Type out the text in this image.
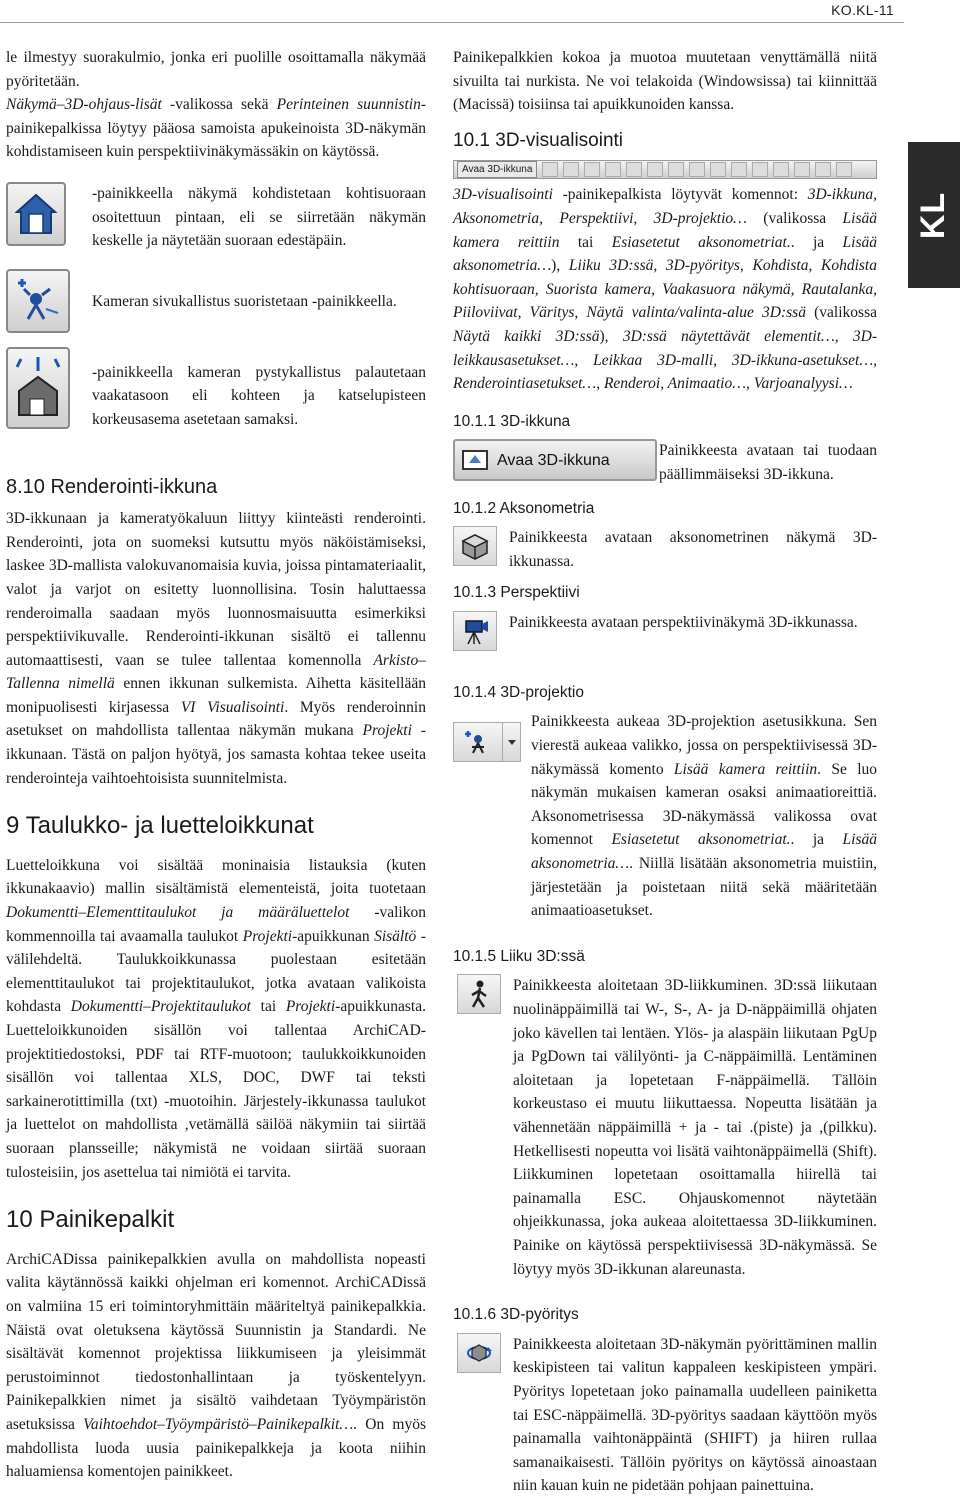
KO.KL-11
KL

le ilmestyy suorakulmio, jonka eri puolille osoittamalla näkymää pyöritetään.
Näkymä–3D-ohjaus-lisät -valikossa sekä Perinteinen suunnistin-painikepalkissa löytyy pääosa samoista apukeinoista 3D-näkymän kohdistamiseen kuin perspektiivinäkymässäkin on käytössä.

-painikkeella näkymä kohdistetaan kohtisuoraan osoitettuun pintaan, eli se siirretään näkymän keskelle ja näytetään suoraan edestäpäin.

Kameran sivukallistus suoristetaan -painikkeella.

-painikkeella kameran pystykallistus palautetaan vaakatasoon eli kohteen ja katselupisteen korkeusasema asetetaan samaksi.

8.10 Renderointi-ikkuna

3D-ikkunaan ja kameratyökaluun liittyy kiinteästi renderointi. Renderointi, jota on suomeksi kutsuttu myös näköistämiseksi, laskee 3D-mallista valokuvanomaisia kuvia, joissa pintamateriaalit, valot ja varjot on esitetty luonnollisina. Tosin haluttaessa renderoimalla saadaan myös luonnosmaisuutta esimerkiksi perspektiivikuvalle. Renderointi-ikkunan sisältö ei tallennu automaattisesti, vaan se tulee tallentaa komennolla Arkisto–Tallenna nimellä ennen ikkunan sulkemista. Aihetta käsitellään monipuolisesti kirjasessa VI Visualisointi. Myös renderoinnin asetukset on mahdollista tallentaa näkymän mukana Projekti -ikkunaan. Tästä on paljon hyötyä, jos samasta kohtaa tekee useita renderointeja vaihtoehtoisista suunnitelmista.

9 Taulukko- ja luetteloikkunat

Luetteloikkuna voi sisältää moninaisia listauksia (kuten ikkunakaavio) mallin sisältämistä elementeistä, joita tuotetaan Dokumentti–Elementtitaulukot ja määräluettelot -valikon kommennoilla tai avaamalla taulukot Projekti-apuikkunan Sisältö -välilehdeltä. Taulukkoikkunassa puolestaan esitetään elementtitaulukot tai projektitaulukot, jotka avataan valikoista kohdasta Dokumentti–Projektitaulukot tai Projekti-apuikkunasta. Luetteloikkunoiden sisällön voi tallentaa ArchiCAD-projektitiedostoksi, PDF tai RTF-muotoon; taulukkoikkunoiden sisällön voi tallentaa XLS, DOC, DWF tai teksti sarkainerotittimilla (txt) -muotoihin. Järjestely-ikkunassa taulukot ja luettelot on mahdollista ,vetämällä säilöä näkymiin tai siirtää suoraan plansseille; näkymistä ne voidaan siirtää suoraan tulosteisiin, jos asettelua tai nimiötä ei tarvita.

10 Painikepalkit

ArchiCADissa painikepalkkien avulla on mahdollista nopeasti valita käytännössä kaikki ohjelman eri komennot. ArchiCADissä on valmiina 15 eri toimintoryhmittäin määriteltyä painikepalkkia. Näistä ovat oletuksena käytössä Suunnistin ja Standardi. Ne sisältävät komennot projektissa liikkumiseen ja yleisimmät perustoiminnot tiedostonhallintaan ja työskentelyyn. Painikepalkkien nimet ja sisältö vaihdetaan Työympäristön asetuksissa Vaihtoehdot–Työympäristö–Painikepalkit…. On myös mahdollista luoda uusia painikepalkkeja ja koota niihin haluamiensa komentojen painikkeet.

Painikepalkkien kokoa ja muotoa muutetaan venyttämällä niitä sivuilta tai nurkista. Ne voi telakoida (Windowsissa) tai kiinnittää (Macissä) toisiinsa tai apuikkunoiden kanssa.

10.1 3D-visualisointi
Avaa 3D-ikkuna

3D-visualisointi -painikepalkista löytyvät komennot: 3D-ikkuna, Aksonometria, Perspektiivi, 3D-projektio… (valikossa Lisää kamera reittiin tai Esiasetetut aksonometriat.. ja Lisää aksonometria…), Liiku 3D:ssä, 3D-pyöritys, Kohdista, Kohdista kohtisuoraan, Suorista kamera, Vaakasuora näkymä, Rautalanka, Piiloviivat, Väritys, Näytä valinta/valinta-alue 3D:ssä (valikossa Näytä kaikki 3D:ssä), 3D:ssä näytettävät elementit…, 3D-leikkausasetukset…, Leikkaa 3D-malli, 3D-ikkuna-asetukset…, Renderointiasetukset…, Renderoi, Animaatio…, Varjoanalyysi…

10.1.1 3D-ikkuna
Avaa 3D-ikkuna

Painikkeesta avataan tai tuodaan päällimmäiseksi 3D-ikkuna.

10.1.2 Aksonometria

Painikkeesta avataan aksonometrinen näkymä 3D-ikkunassa.

10.1.3 Perspektiivi

Painikkeesta avataan perspektiivinäkymä 3D-ikkunassa.

10.1.4 3D-projektio

Painikkeesta aukeaa 3D-projektion asetusikkuna. Sen vierestä aukeaa valikko, jossa on perspektiivisessä 3D-näkymässä komento Lisää kamera reittiin. Se luo näkymän mukaisen kameran osaksi animaatioreittiä. Aksonometrisessa 3D-näkymässä valikossa ovat komennot Esiasetetut aksonometriat.. ja Lisää aksonometria…. Niillä lisätään aksonometria muistiin, järjestetään ja poistetaan niitä sekä määritetään animaatioasetukset.

10.1.5 Liiku 3D:ssä

Painikkeesta aloitetaan 3D-liikkuminen. 3D:ssä liikutaan nuolinäppäimillä tai W-, S-, A- ja D-näppäimillä ohjaten joko kävellen tai lentäen. Ylös- ja alaspäin liikutaan PgUp ja PgDown tai välilyönti- ja C-näppäimillä. Lentäminen aloitetaan ja lopetetaan F-näppäimellä. Tällöin korkeustaso ei muutu liikuttaessa. Nopeutta lisätään ja vähennetään näppäimillä + ja - tai .(piste) ja ,(pilkku). Hetkellisesti nopeutta voi lisätä vaihtonäppäimellä (Shift). Liikkuminen lopetetaan osoittamalla hiirellä tai painamalla ESC. Ohjauskomennot näytetään ohjeikkunassa, joka aukeaa aloitettaessa 3D-liikkuminen. Painike on käytössä perspektiivisessä 3D-näkymässä. Se löytyy myös 3D-ikkunan alareunasta.

10.1.6 3D-pyöritys

Painikkeesta aloitetaan 3D-näkymän pyörittäminen mallin keskipisteen tai valitun kappaleen keskipisteen ympäri. Pyöritys lopetetaan joko painamalla uudelleen painiketta tai ESC-näppäimellä. 3D-pyöritys saadaan käyttöön myös painamalla vaihtonäppäintä (SHIFT) ja hiiren rullaa samanaikaisesti. Tällöin pyöritys on käytössä ainoastaan niin kauan kuin ne pidetään pohjaan painettuina.
